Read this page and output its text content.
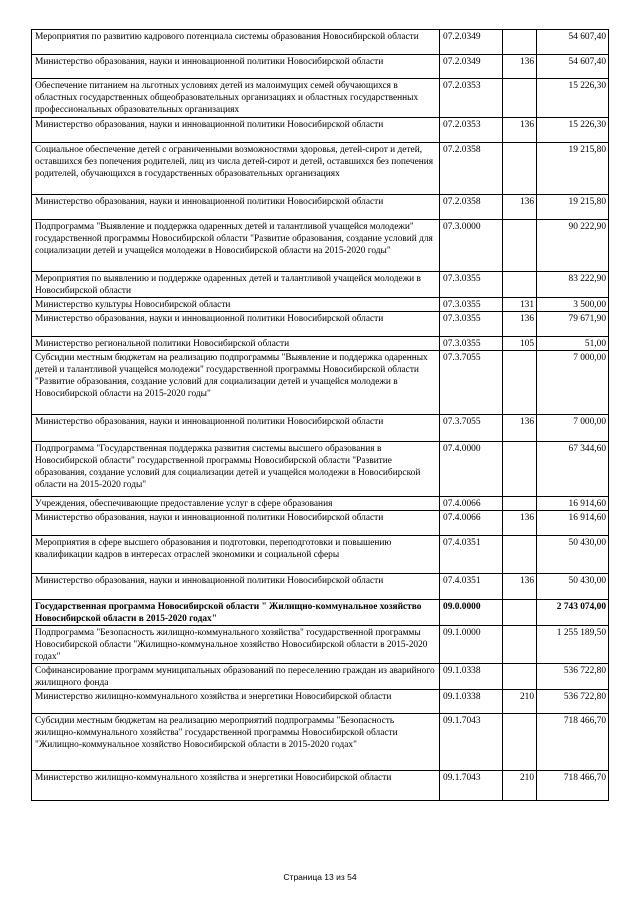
Мероприятия по развитию кадрового потенциала системы образования Новосибирской области	07.2.0349		54 607,40
Министерство образования, науки и инновационной политики Новосибирской области	07.2.0349	136	54 607,40
Обеспечение питанием на льготных условиях детей из малоимущих семей обучающихся в областных государственных общеобразовательных организациях и областных государственных профессиональных образовательных организациях	07.2.0353		15 226,30
Министерство образования, науки и инновационной политики Новосибирской области	07.2.0353	136	15 226,30
Социальное обеспечение детей с ограниченными возможностями здоровья, детей-сирот и детей, оставшихся без попечения родителей, лиц из числа детей-сирот и детей, оставшихся без попечения родителей, обучающихся в государственных образовательных организациях	07.2.0358		19 215,80
Министерство образования, науки и инновационной политики Новосибирской области	07.2.0358	136	19 215,80
Подпрограмма "Выявление и поддержка одаренных детей и талантливой учащейся молодежи" государственной программы Новосибирской области "Развитие образования, создание условий для социализации детей и учащейся молодежи в Новосибирской области на 2015-2020 годы"	07.3.0000		90 222,90
Мероприятия по выявлению и поддержке одаренных детей и талантливой учащейся молодежи в Новосибирской области	07.3.0355		83 222,90
Министерство культуры Новосибирской области	07.3.0355	131	3 500,00
Министерство образования, науки и инновационной политики Новосибирской области	07.3.0355	136	79 671,90
Министерство региональной политики Новосибирской области	07.3.0355	105	51,00
Субсидии местным бюджетам на реализацию подпрограммы "Выявление и поддержка одаренных детей и талантливой учащейся молодежи" государственной программы Новосибирской области "Развитие образования, создание условий для социализации детей и учащейся молодежи в Новосибирской области на 2015-2020 годы"	07.3.7055		7 000,00
Министерство образования, науки и инновационной политики Новосибирской области	07.3.7055	136	7 000,00
Подпрограмма "Государственная поддержка развития системы высшего образования в Новосибирской области" государственной программы Новосибирской области "Развитие образования, создание условий для социализации детей и учащейся молодежи в Новосибирской области на 2015-2020 годы"	07.4.0000		67 344,60
Учреждения, обеспечивающие предоставление услуг в сфере образования	07.4.0066		16 914,60
Министерство образования, науки и инновационной политики Новосибирской области	07.4.0066	136	16 914,60
Мероприятия в сфере высшего образования и подготовки, переподготовки и повышению квалификации кадров в интересах отраслей экономики и социальной сферы	07.4.0351		50 430,00
Министерство образования, науки и инновационной политики Новосибирской области	07.4.0351	136	50 430,00
Государственная программа Новосибирской области " Жилищно-коммунальное хозяйство Новосибирской области в 2015-2020 годах"	09.0.0000		2 743 074,00
Подпрограмма "Безопасность жилищно-коммунального хозяйства" государственной программы Новосибирской области "Жилищно-коммунальное хозяйство Новосибирской области в 2015-2020 годах"	09.1.0000		1 255 189,50
Софинансирование программ муниципальных образований по переселению граждан из аварийного жилищного фонда	09.1.0338		536 722,80
Министерство жилищно-коммунального хозяйства и энергетики Новосибирской области	09.1.0338	210	536 722,80
Субсидии местным бюджетам на реализацию мероприятий подпрограммы "Безопасность жилищно-коммунального хозяйства" государственной программы Новосибирской области "Жилищно-коммунальное хозяйство Новосибирской области в 2015-2020 годах"	09.1.7043		718 466,70
Министерство жилищно-коммунального хозяйства и энергетики Новосибирской области	09.1.7043	210	718 466,70
Страница 13 из 54
